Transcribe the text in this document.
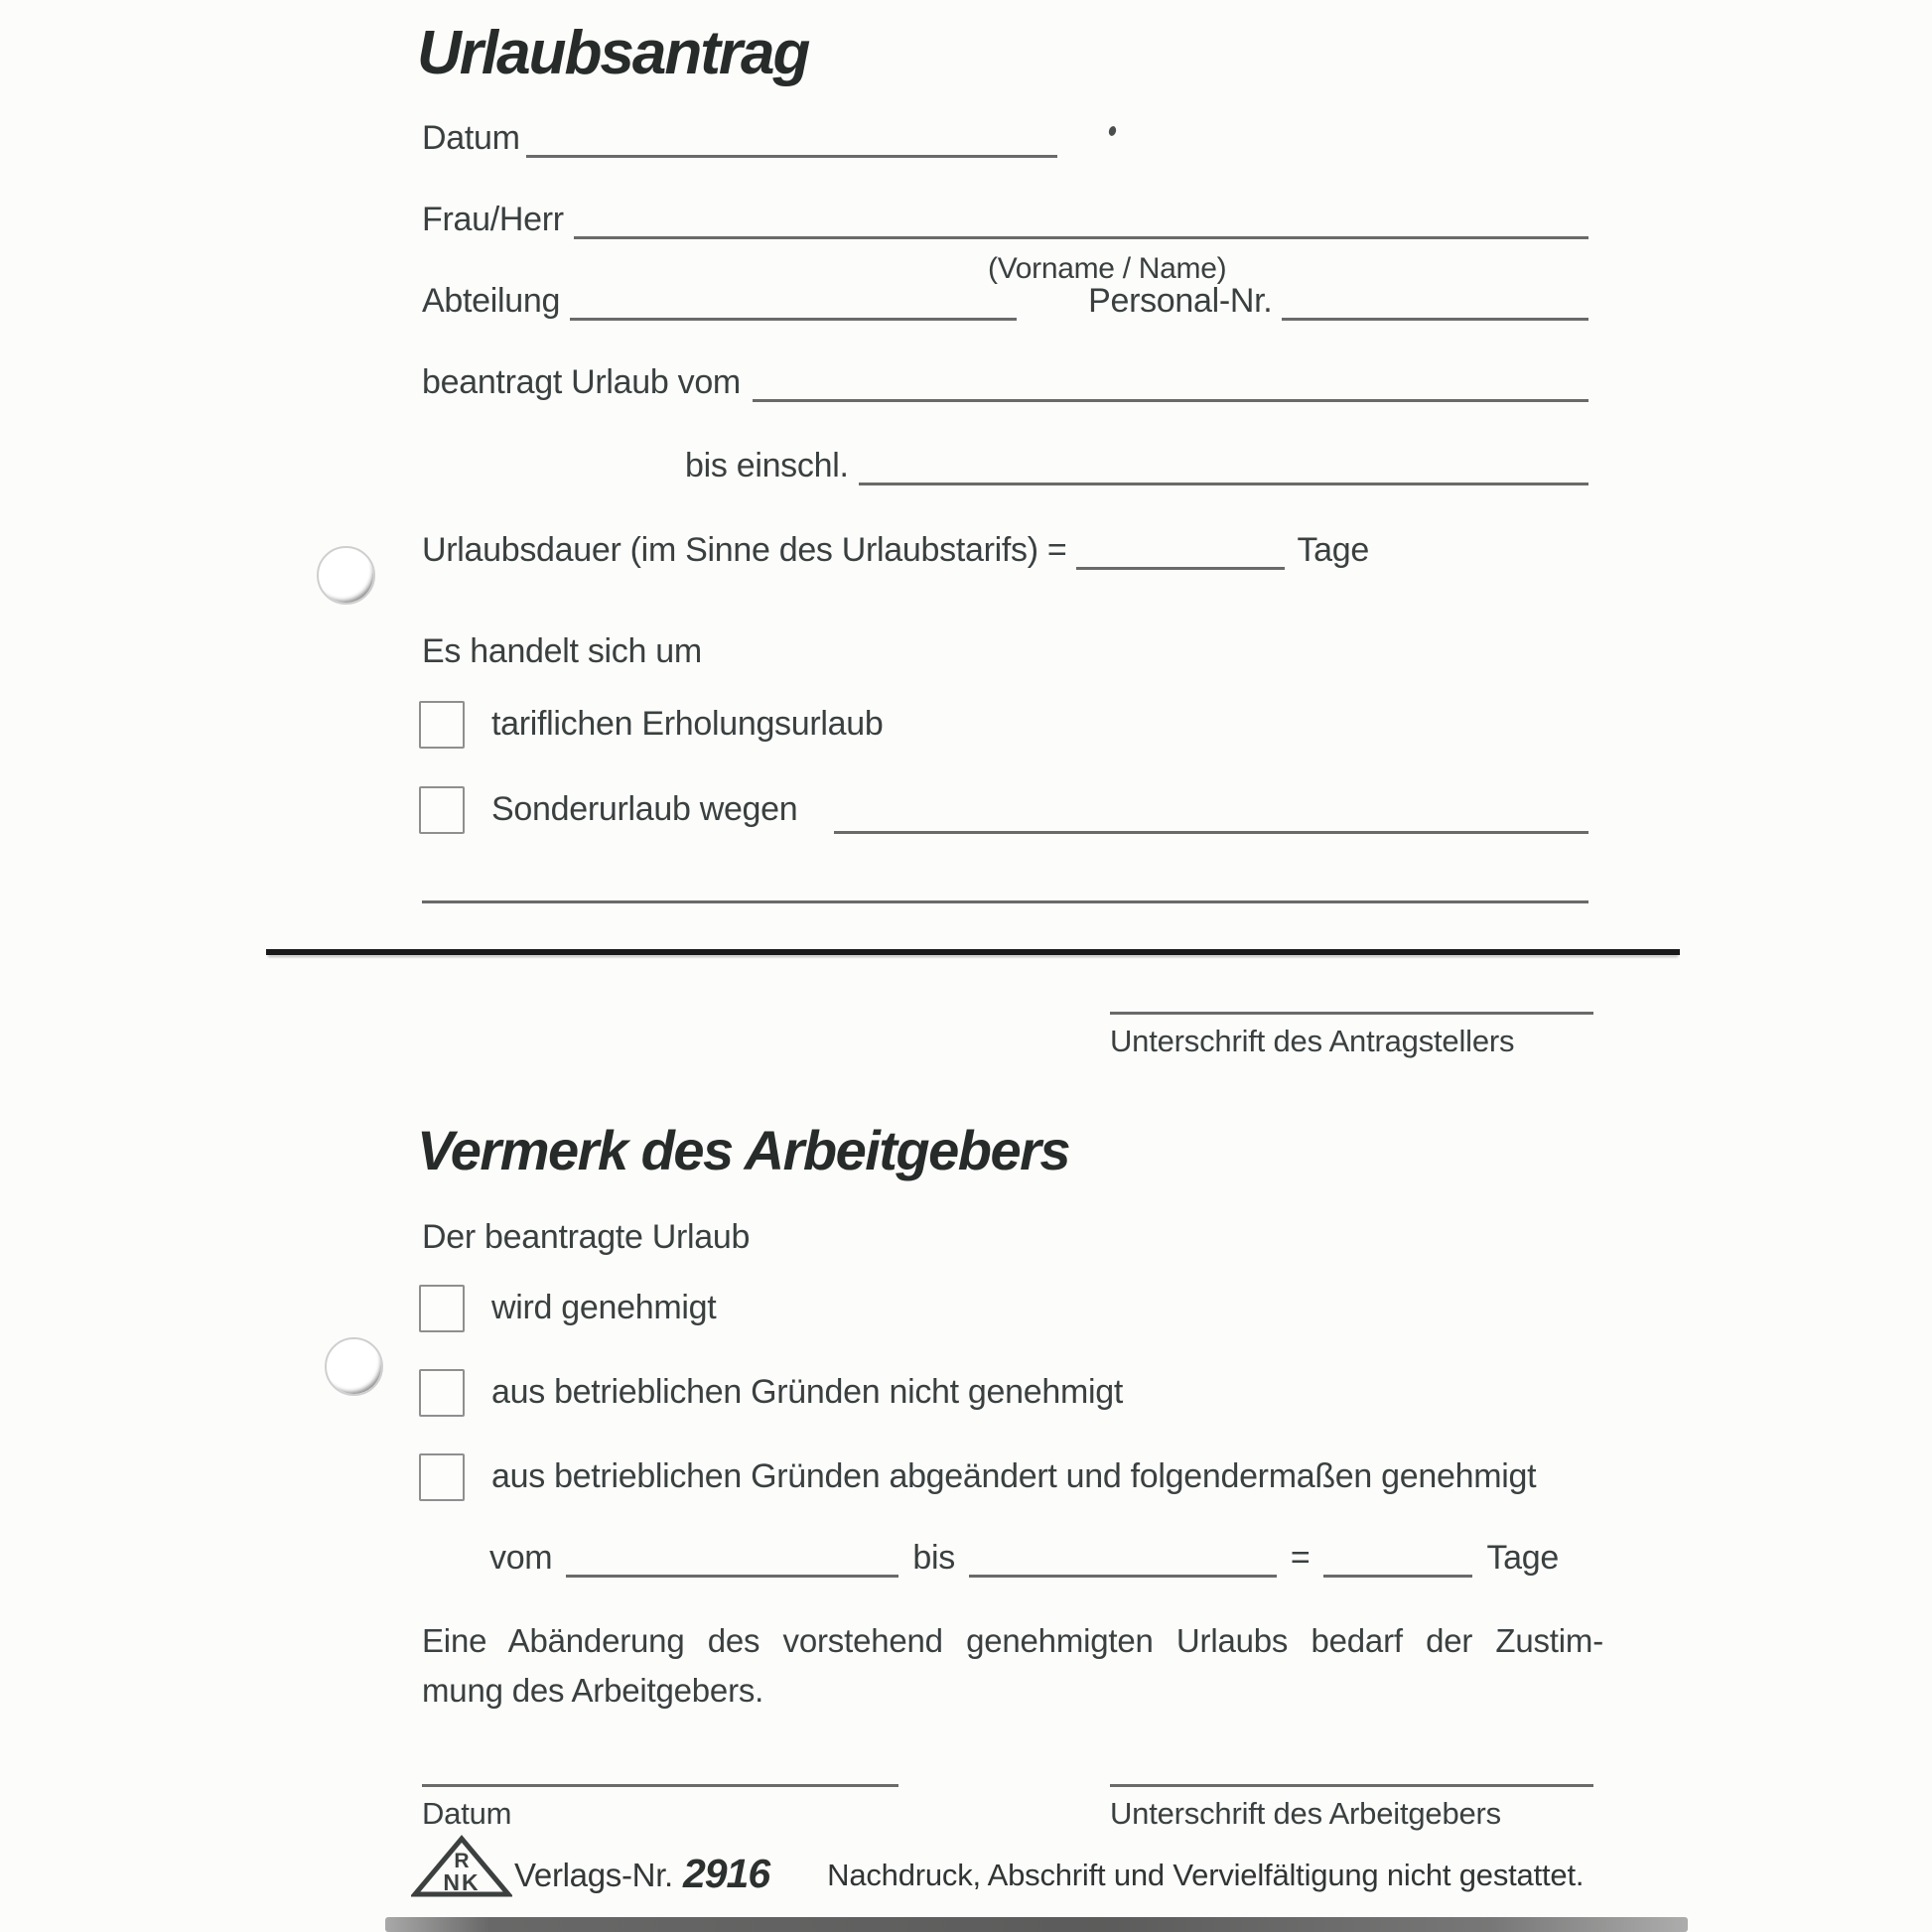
Urlaubsantrag
Datum
Frau/Herr
(Vorname / Name)
Abteilung	Personal-Nr.
beantragt Urlaub vom
bis einschl.
Urlaubsdauer (im Sinne des Urlaubstarifs) =	Tage
Es handelt sich um
tariflichen Erholungsurlaub
Sonderurlaub wegen
Unterschrift des Antragstellers
Vermerk des Arbeitgebers
Der beantragte Urlaub
wird genehmigt
aus betrieblichen Gründen nicht genehmigt
aus betrieblichen Gründen abgeändert und folgendermaßen genehmigt
vom	bis	=	Tage
Eine Abänderung des vorstehend genehmigten Urlaubs bedarf der Zustim-
mung des Arbeitgebers.
Datum	Unterschrift des Arbeitgebers
R
NK Verlags-Nr. 2916 Nachdruck, Abschrift und Vervielfältigung nicht gestattet.
